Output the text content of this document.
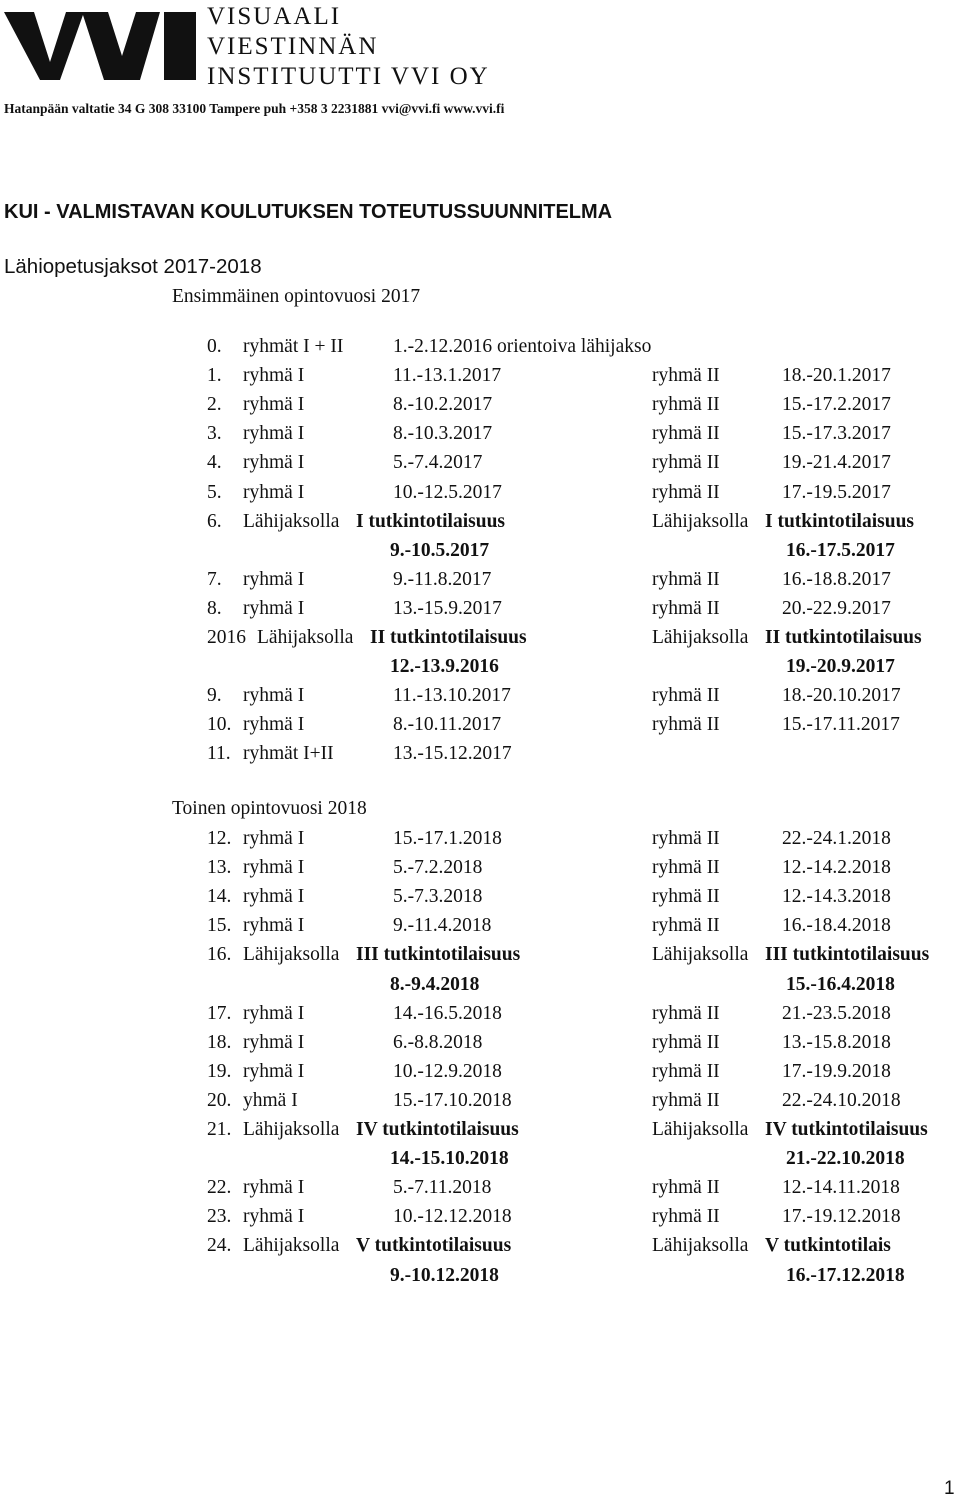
VISUAALI
VIESTINNÄN
INSTITUUTTI VVI OY
Hatanpään valtatie 34 G 308 33100 Tampere puh +358 3 2231881 vvi@vvi.fi www.vvi.fi
KUI - VALMISTAVAN KOULUTUKSEN TOTEUTUSSUUNNITELMA
Lähiopetusjaksot 2017-2018
Ensimmäinen opintovuosi 2017
0. ryhmät I + II	1.-2.12.2016 orientoiva lähijakso
1. ryhmä I	11.-13.1.2017	ryhmä II	18.-20.1.2017
2. ryhmä I	8.-10.2.2017	ryhmä II	15.-17.2.2017
3. ryhmä I	8.-10.3.2017	ryhmä II	15.-17.3.2017
4. ryhmä I	5.-7.4.2017	ryhmä II	19.-21.4.2017
5. ryhmä I	10.-12.5.2017	ryhmä II	17.-19.5.2017
6. Lähijaksolla I tutkintotilaisuus	Lähijaksolla I tutkintotilaisuus
9.-10.5.2017	16.-17.5.2017
7. ryhmä I	9.-11.8.2017	ryhmä II	16.-18.8.2017
8. ryhmä I	13.-15.9.2017	ryhmä II	20.-22.9.2017
2016 Lähijaksolla II tutkintotilaisuus	Lähijaksolla II tutkintotilaisuus
12.-13.9.2016	19.-20.9.2017
9. ryhmä I	11.-13.10.2017	ryhmä II	18.-20.10.2017
10. ryhmä I	8.-10.11.2017	ryhmä II	15.-17.11.2017
11. ryhmät I+II	13.-15.12.2017
Toinen opintovuosi 2018
12. ryhmä I	15.-17.1.2018	ryhmä II	22.-24.1.2018
13. ryhmä I	5.-7.2.2018	ryhmä II	12.-14.2.2018
14. ryhmä I	5.-7.3.2018	ryhmä II	12.-14.3.2018
15. ryhmä I	9.-11.4.2018	ryhmä II	16.-18.4.2018
16. Lähijaksolla III tutkintotilaisuus	Lähijaksolla III tutkintotilaisuus
8.-9.4.2018	15.-16.4.2018
17. ryhmä I	14.-16.5.2018	ryhmä II	21.-23.5.2018
18. ryhmä I	6.-8.8.2018	ryhmä II	13.-15.8.2018
19. ryhmä I	10.-12.9.2018	ryhmä II	17.-19.9.2018
20. yhmä I	15.-17.10.2018	ryhmä II	22.-24.10.2018
21. Lähijaksolla IV tutkintotilaisuus	Lähijaksolla IV tutkintotilaisuus
14.-15.10.2018	21.-22.10.2018
22. ryhmä I	5.-7.11.2018	ryhmä II	12.-14.11.2018
23. ryhmä I	10.-12.12.2018	ryhmä II	17.-19.12.2018
24. Lähijaksolla V tutkintotilaisuus	Lähijaksolla V tutkintotilais
9.-10.12.2018	16.-17.12.2018
1
